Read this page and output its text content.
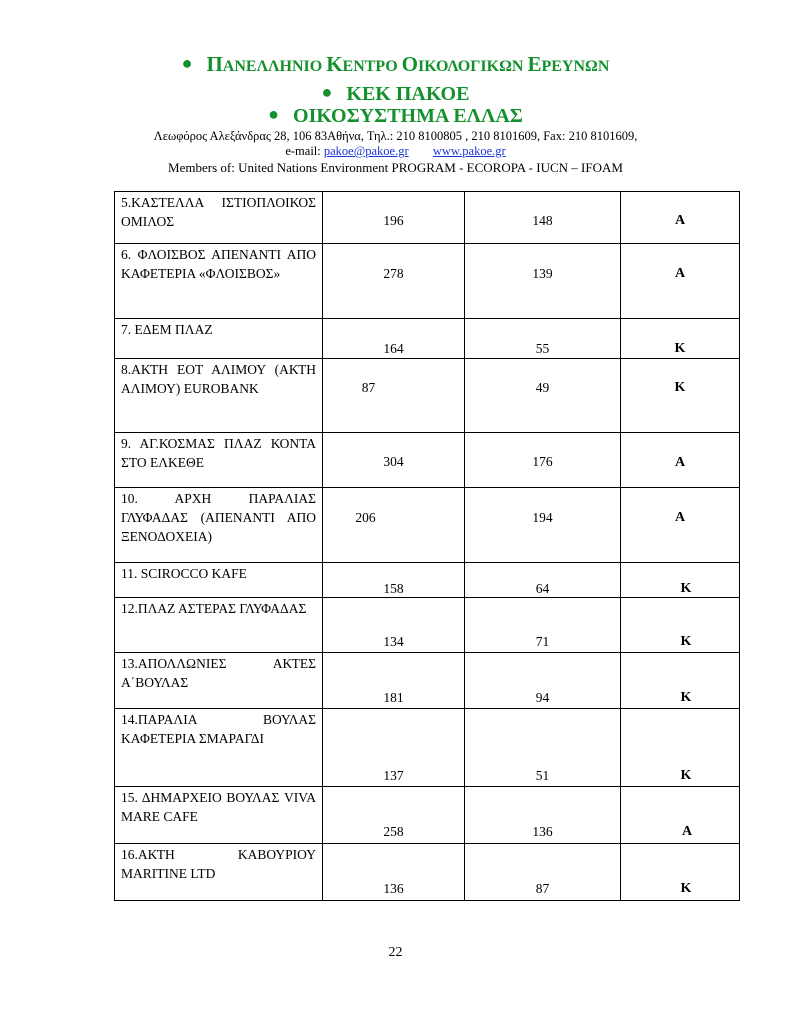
● ΠΑΝΕΛΛΗΝΙΟ ΚΕΝΤΡΟ ΟΙΚΟΛΟΓΙΚΩΝ ΕΡΕΥΝΩΝ
● ΚΕΚ ΠΑΚΟΕ
● ΟΙΚΟΣΥΣΤΗΜΑ ΕΛΛΑΣ
Λεωφόρος Αλεξάνδρας 28, 106 83Αθήνα, Τηλ.: 210 8100805 , 210 8101609, Fax: 210 8101609,
e-mail: pakoe@pakoe.gr www.pakoe.gr
Members of: United Nations Environment PROGRAM - ECOROPA - IUCN – IFOAM
5.ΚΑΣΤΕΛΛΑ ΙΣΤΙΟΠΛΟΙΚΟΣ ΟΜΙΛΟΣ	196	148	Α

6. ΦΛΟΙΣΒΟΣ ΑΠΕΝΑΝΤΙ ΑΠΟ ΚΑΦΕΤΕΡΙΑ «ΦΛΟΙΣΒΟΣ»	278	139	Α

7. ΕΔΕΜ ΠΛΑΖ	164	55	Κ

8.ΑΚΤΗ ΕΟΤ ΑΛΙΜΟΥ (ΑΚΤΗ ΑΛΙΜΟΥ) EUROBANK	87	49	Κ

9. ΑΓ.ΚΟΣΜΑΣ ΠΛΑΖ ΚΟΝΤΑ ΣΤΟ ΕΛΚΕΘΕ	304	176	Α

10. ΑΡΧΗ ΠΑΡΑΛΙΑΣ ΓΛΥΦΑΔΑΣ (ΑΠΕΝΑΝΤΙ ΑΠΟ ΞΕΝΟΔΟΧΕΙΑ)	206	194	Α

11. SCIROCCO KAFE	158	64	Κ

12.ΠΛΑΖ ΑΣΤΕΡΑΣ ΓΛΥΦΑΔΑΣ	134	71	Κ

13.ΑΠΟΛΛΩΝΙΕΣ ΑΚΤΕΣ Α΄ΒΟΥΛΑΣ	181	94	Κ

14.ΠΑΡΑΛΙΑ ΒΟΥΛΑΣ ΚΑΦΕΤΕΡΙΑ ΣΜΑΡΑΓΔΙ	137	51	Κ

15. ΔΗΜΑΡΧΕΙΟ ΒΟΥΛΑΣ VIVA MARE CAFE	258	136	Α

16.ΑΚΤΗ ΚΑΒΟΥΡΙΟΥ MARITINE LTD	136	87	Κ
22
